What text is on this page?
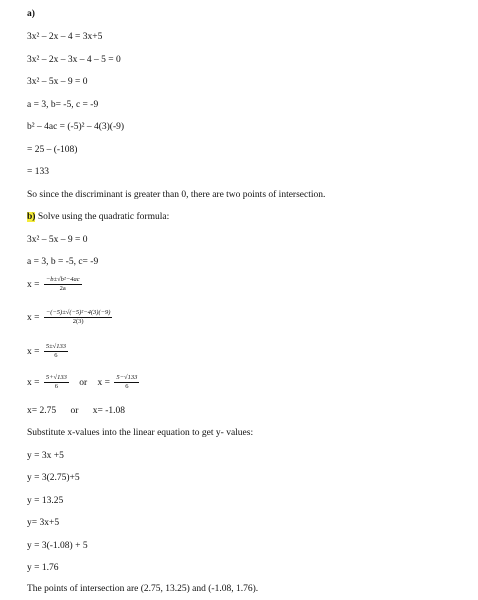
a)
3x² – 2x – 4 = 3x+5
3x² – 2x – 3x – 4 – 5 = 0
3x² – 5x – 9 = 0
a = 3, b= -5, c = -9
b² – 4ac = (-5)² – 4(3)(-9)
= 25 – (-108)
= 133
So since the discriminant is greater than 0, there are two points of intersection.
b) Solve using the quadratic formula:
3x² – 5x – 9 = 0
a = 3, b = -5, c= -9
$x = \frac{\text{−b±√b²−4ac}}{2a}$
$x = \frac{\text{−(−5)±√(−5)²−4(3)(−9)}}{2(3)}$
$x = \frac{5\pm√133}{6}$
$x = \frac{5+√133}{6}$ or $x = \frac{5-√133}{6}$
x= 2.75 or x= -1.08
Substitute x-values into the linear equation to get y- values:
y = 3x +5
y = 3(2.75)+5
y = 13.25
y= 3x+5
y = 3(-1.08) + 5
y = 1.76
The points of intersection are (2.75, 13.25) and (-1.08, 1.76).
